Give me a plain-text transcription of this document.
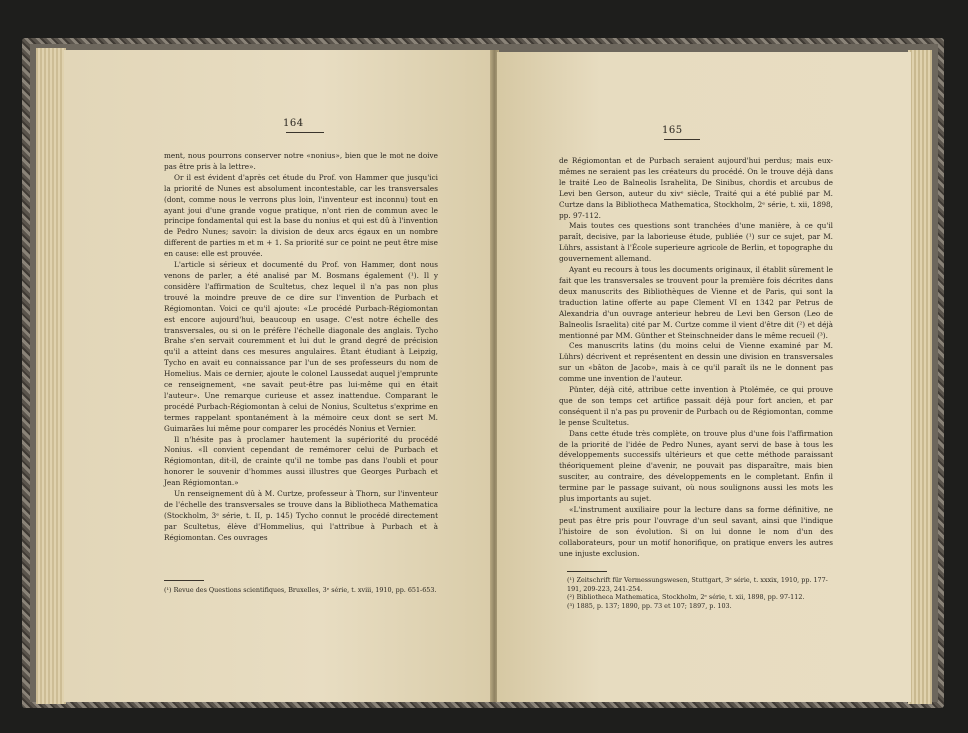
164

ment, nous pourrons conserver notre «nonius», bien que le mot ne doive pas être pris à la lettre».

Or il est évident d'après cet étude du Prof. von Hammer que jusqu'ici la priorité de Nunes est absolument incontestable, car les transversales (dont, comme nous le verrons plus loin, l'inventeur est inconnu) tout en ayant joui d'une grande vogue pratique, n'ont rien de commun avec le principe fondamental qui est la base du nonius et qui est dû à l'invention de Pedro Nunes; savoir: la division de deux arcs égaux en un nombre different de parties m et m + 1. Sa priorité sur ce point ne peut être mise en cause: elle est prouvée.

L'article si sérieux et documenté du Prof. von Hammer, dont nous venons de parler, a été analisé par M. Bosmans également (¹). Il y considère l'affirmation de Scultetus, chez lequel il n'a pas non plus trouvé la moindre preuve de ce dire sur l'invention de Purbach et Régiomontan. Voici ce qu'il ajoute: «Le procédé Purbach-Régiomontan est encore aujourd'hui, beaucoup en usage. C'est notre échelle des transversales, ou si on le préfère l'échelle diagonale des anglais. Tycho Brahe s'en servait couremment et lui dut le grand degré de précision qu'il a atteint dans ces mesures angulaires. Étant étudiant à Leipzig, Tycho en avait eu connaissance par l'un de ses professeurs du nom de Homelius. Mais ce dernier, ajoute le colonel Laussedat auquel j'emprunte ce renseignement, «ne savait peut-être pas lui-même qui en était l'auteur». Une remarque curieuse et assez inattendue. Comparant le procédé Purbach-Régiomontan à celui de Nonius, Scultetus s'exprime en termes rappelant spontanément à la mémoire ceux dont se sert M. Guimarães lui même pour comparer les procédés Nonius et Vernier.

Il n'hésite pas à proclamer hautement la supériorité du procédé Nonius. «Il convient cependant de remémorer celui de Purbach et Régiomontan, dit-il, de crainte qu'il ne tombe pas dans l'oubli et pour honorer le souvenir d'hommes aussi illustres que Georges Purbach et Jean Régiomontan.»

Un renseignement dû à M. Curtze, professeur à Thorn, sur l'inventeur de l'échelle des transversales se trouve dans la Bibliotheca Mathematica (Stockholm, 3ᵉ série, t. II, p. 145) Tycho connut le procédé directement par Scultetus, élève d'Hommelius, qui l'attribue à Purbach et à Régiomontan. Ces ouvrages

(¹) Revue des Questions scientifiques, Bruxelles, 3ᵉ série, t. xviii, 1910, pp. 651-653.
165

de Régiomontan et de Purbach seraient aujourd'hui perdus; mais eux-mêmes ne seraient pas les créateurs du procédé. On le trouve déjà dans le traité Leo de Balneolis Israhelita, De Sinibus, chordis et arcubus de Levi ben Gerson, auteur du xivᵉ siècle, Traité qui a été publié par M. Curtze dans la Bibliotheca Mathematica, Stockholm, 2ᵉ série, t. xii, 1898, pp. 97-112.

Mais toutes ces questions sont tranchées d'une manière, à ce qu'il paraît, decisive, par la laborieuse étude, publiée (¹) sur ce sujet, par M. Lührs, assistant à l'École superieure agricole de Berlin, et topographe du gouvernement allemand.

Ayant eu recours à tous les documents originaux, il établit sûrement le fait que les transversales se trouvent pour la première fois décrites dans deux manuscrits des Bibliothèques de Vienne et de Paris, qui sont la traduction latine offerte au pape Clement VI en 1342 par Petrus de Alexandria d'un ouvrage anterieur hebreu de Levi ben Gerson (Leo de Balneolis Israelita) cité par M. Curtze comme il vient d'être dit (²) et déjà mentionné par MM. Günther et Steinschneider dans le même recueil (³).

Ces manuscrits latins (du moins celui de Vienne examiné par M. Lührs) décrivent et représentent en dessin une division en transversales sur un «bâton de Jacob», mais à ce qu'il paraît ils ne le donnent pas comme une invention de l'auteur.

Pünter, déjà cité, attribue cette invention à Ptolémée, ce qui prouve que de son temps cet artifice passait déjà pour fort ancien, et par conséquent il n'a pas pu provenir de Purbach ou de Régiomontan, comme le pense Scultetus.

Dans cette étude très complète, on trouve plus d'une fois l'affirmation de la priorité de l'idée de Pedro Nunes, ayant servi de base à tous les développements successifs ultérieurs et que cette méthode paraissant théoriquement pleine d'avenir, ne pouvait pas disparaître, mais bien susciter, au contraire, des développements en le completant. Enfin il termine par le passage suivant, où nous soulignons aussi les mots les plus importants au sujet.

«L'instrument auxiliaire pour la lecture dans sa forme définitive, ne peut pas être pris pour l'ouvrage d'un seul savant, ainsi que l'indique l'histoire de son évolution. Si on lui donne le nom d'un des collaborateurs, pour un motif honorifique, on pratique envers les autres une injuste exclusion.

(¹) Zeitschrift für Vermessungswesen, Stuttgart, 3ᵉ série, t. xxxix, 1910, pp. 177-191, 209-223, 241-254.
(²) Bibliotheca Mathematica, Stockholm, 2ᵉ série, t. xii, 1898, pp. 97-112.
(³) 1885, p. 137; 1890, pp. 73 et 107; 1897, p. 103.
